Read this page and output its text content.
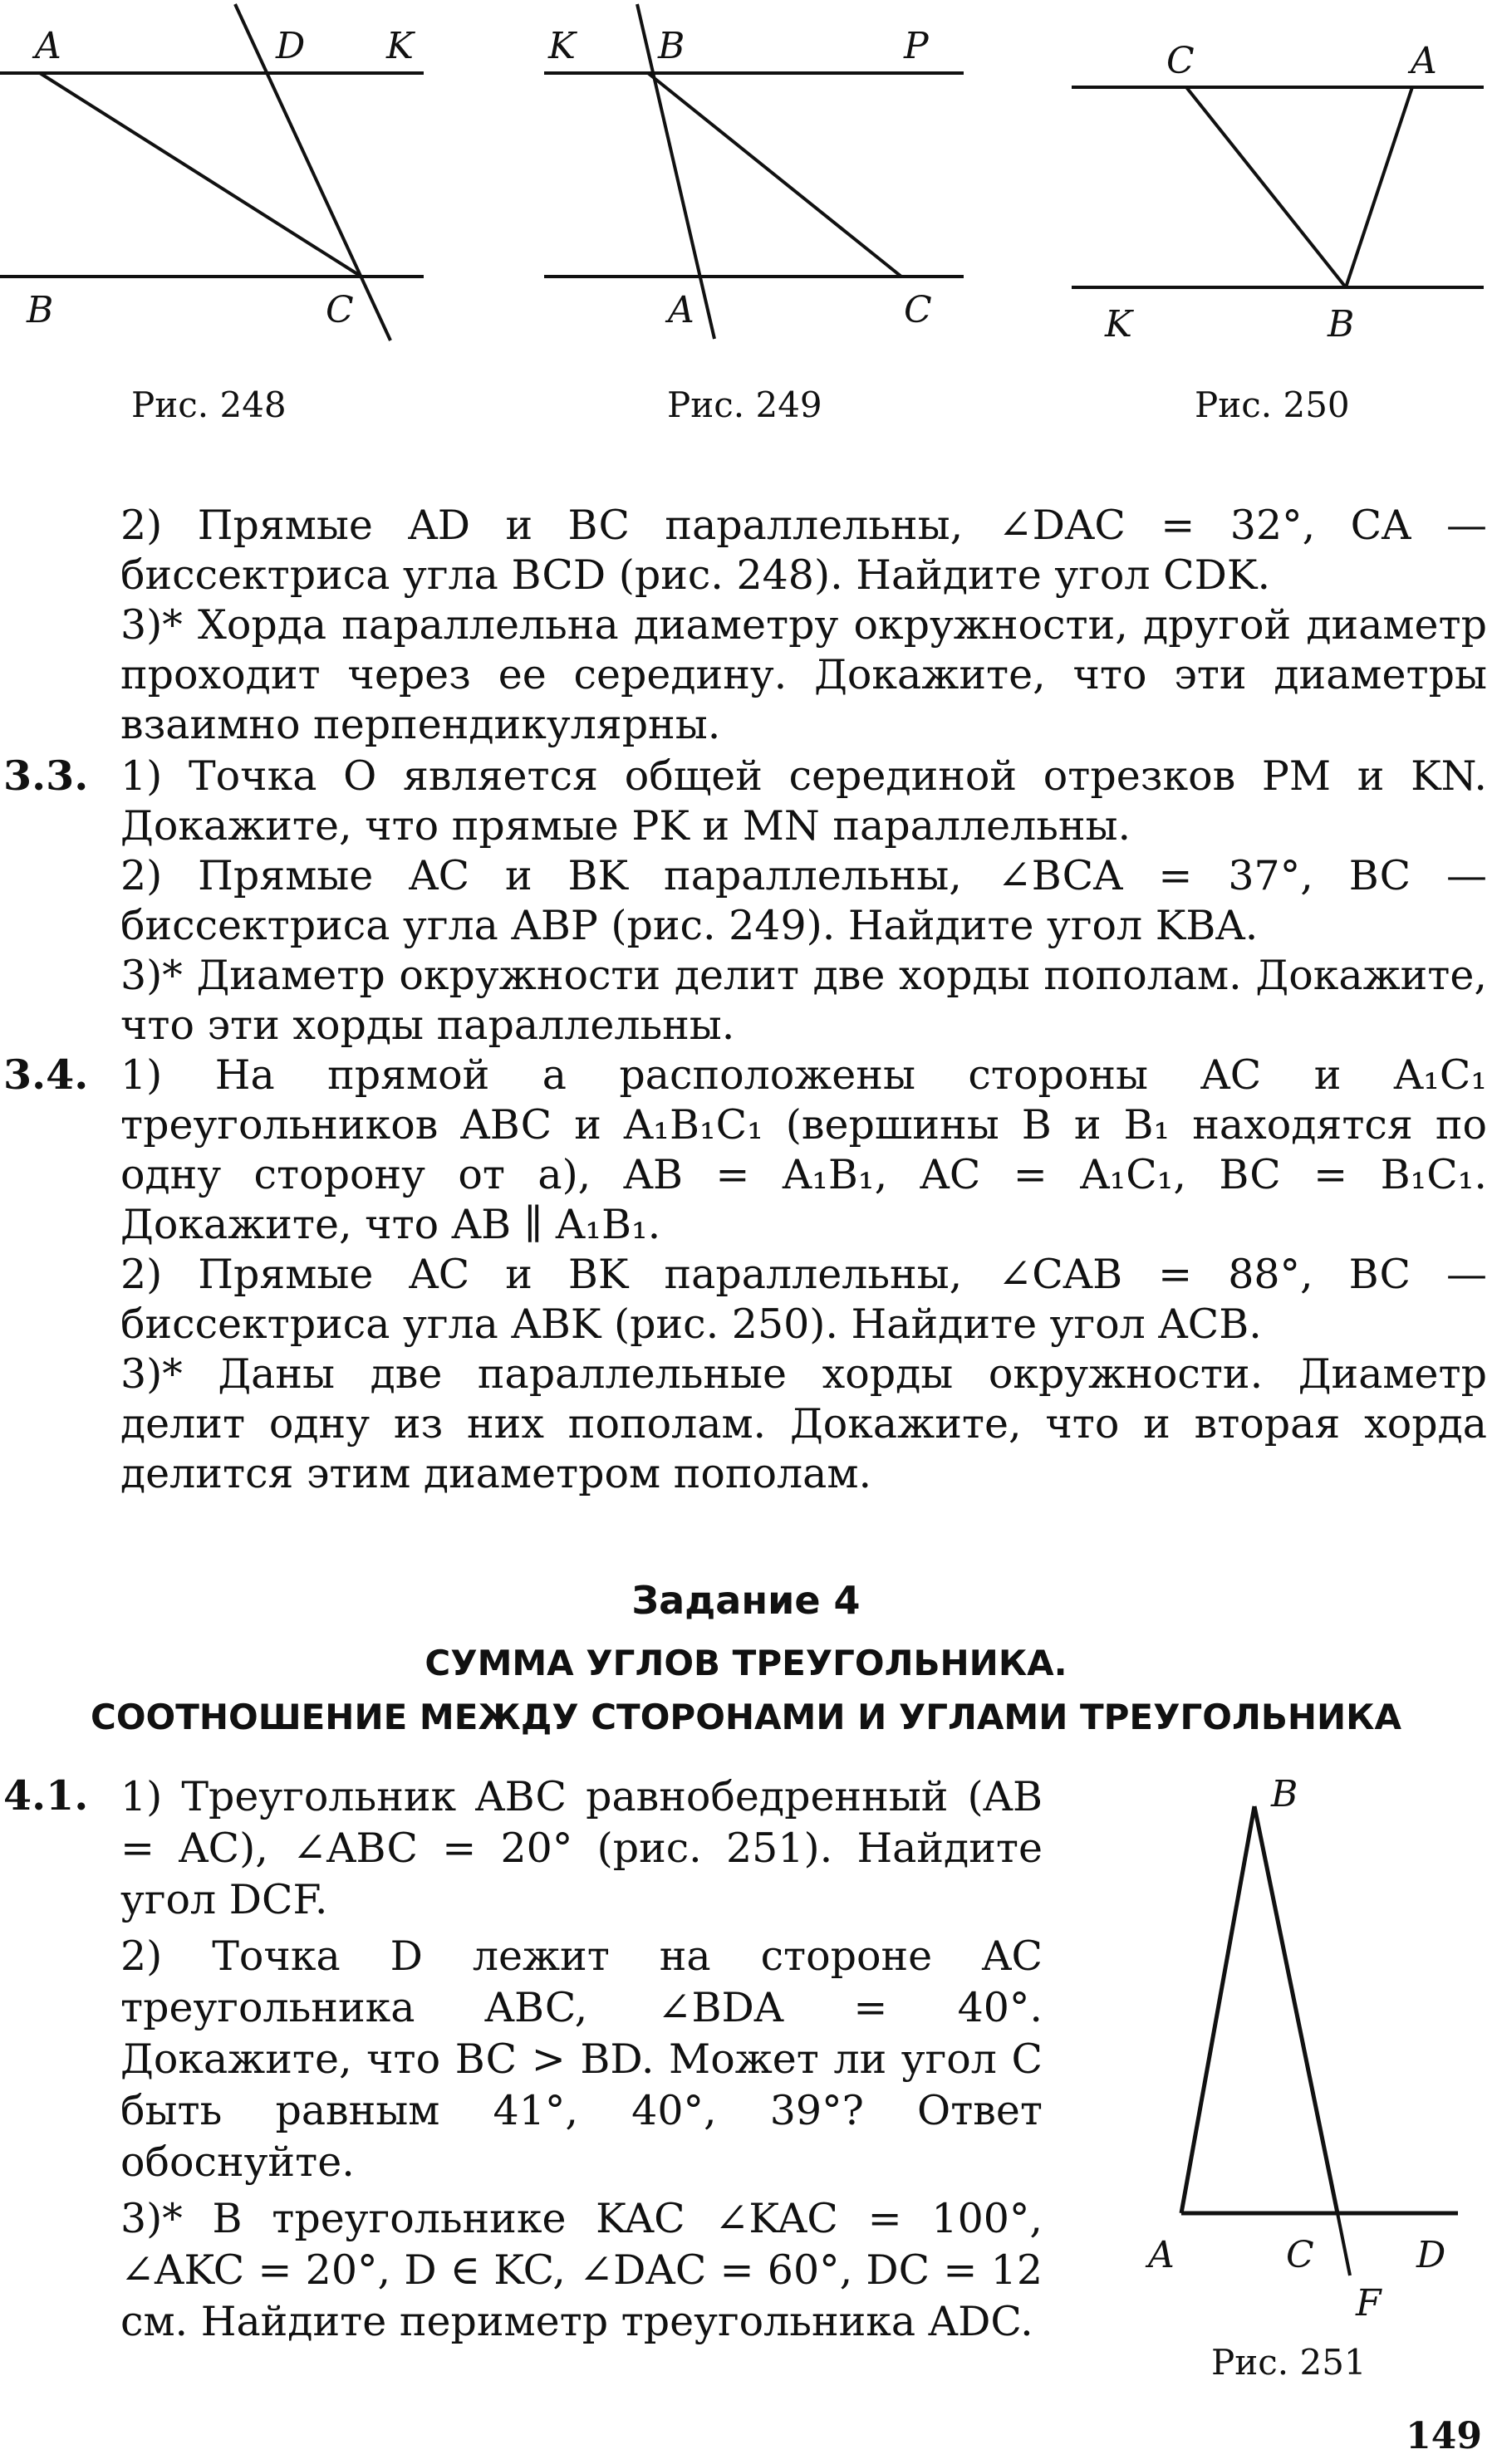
A	D K
B	C
Рис. 248
K B	P
A	C
Рис. 249
C	A
K	B
Рис. 250

2) Прямые AD и BC параллельны, ∠DAC = 32°, CA — биссектриса угла BCD (рис. 248). Найдите угол CDK.

3)* Хорда параллельна диаметру окружности, другой диаметр проходит через ее середину. Докажите, что эти диаметры взаимно перпендикулярны.

3.3. 1) Точка O является общей серединой отрезков PM и KN. Докажите, что прямые PK и MN параллельны.

2) Прямые AC и BK параллельны, ∠BCA = 37°, BC — биссектриса угла ABP (рис. 249). Найдите угол KBA.

3)* Диаметр окружности делит две хорды пополам. Докажите, что эти хорды параллельны.

3.4. 1) На прямой a расположены стороны AC и A₁C₁ треугольников ABC и A₁B₁C₁ (вершины B и B₁ находятся по одну сторону от a), AB = A₁B₁, AC = A₁C₁, BC = B₁C₁. Докажите, что AB ∥ A₁B₁.

2) Прямые AC и BK параллельны, ∠CAB = 88°, BC — биссектриса угла ABK (рис. 250). Найдите угол ACB.

3)* Даны две параллельные хорды окружности. Диаметр делит одну из них пополам. Докажите, что и вторая хорда делится этим диаметром пополам.

Задание 4
СУММА УГЛОВ ТРЕУГОЛЬНИКА.
СООТНОШЕНИЕ МЕЖДУ СТОРОНАМИ И УГЛАМИ ТРЕУГОЛЬНИКА
4.1. 1) Треугольник ABC равнобедренный (AB = AC), ∠ABC = 20° (рис. 251). Найдите угол DCF.

2) Точка D лежит на стороне AC треугольника ABC, ∠BDA = 40°. Докажите, что BC > BD. Может ли угол C быть равным 41°, 40°, 39°? Ответ обоснуйте.

3)* В треугольнике KAC ∠KAC = 100°, ∠AKC = 20°, D ∈ KC, ∠DAC = 60°, DC = 12 см. Найдите периметр треугольника ADC.

B
A	C	D
F
Рис. 251
149
